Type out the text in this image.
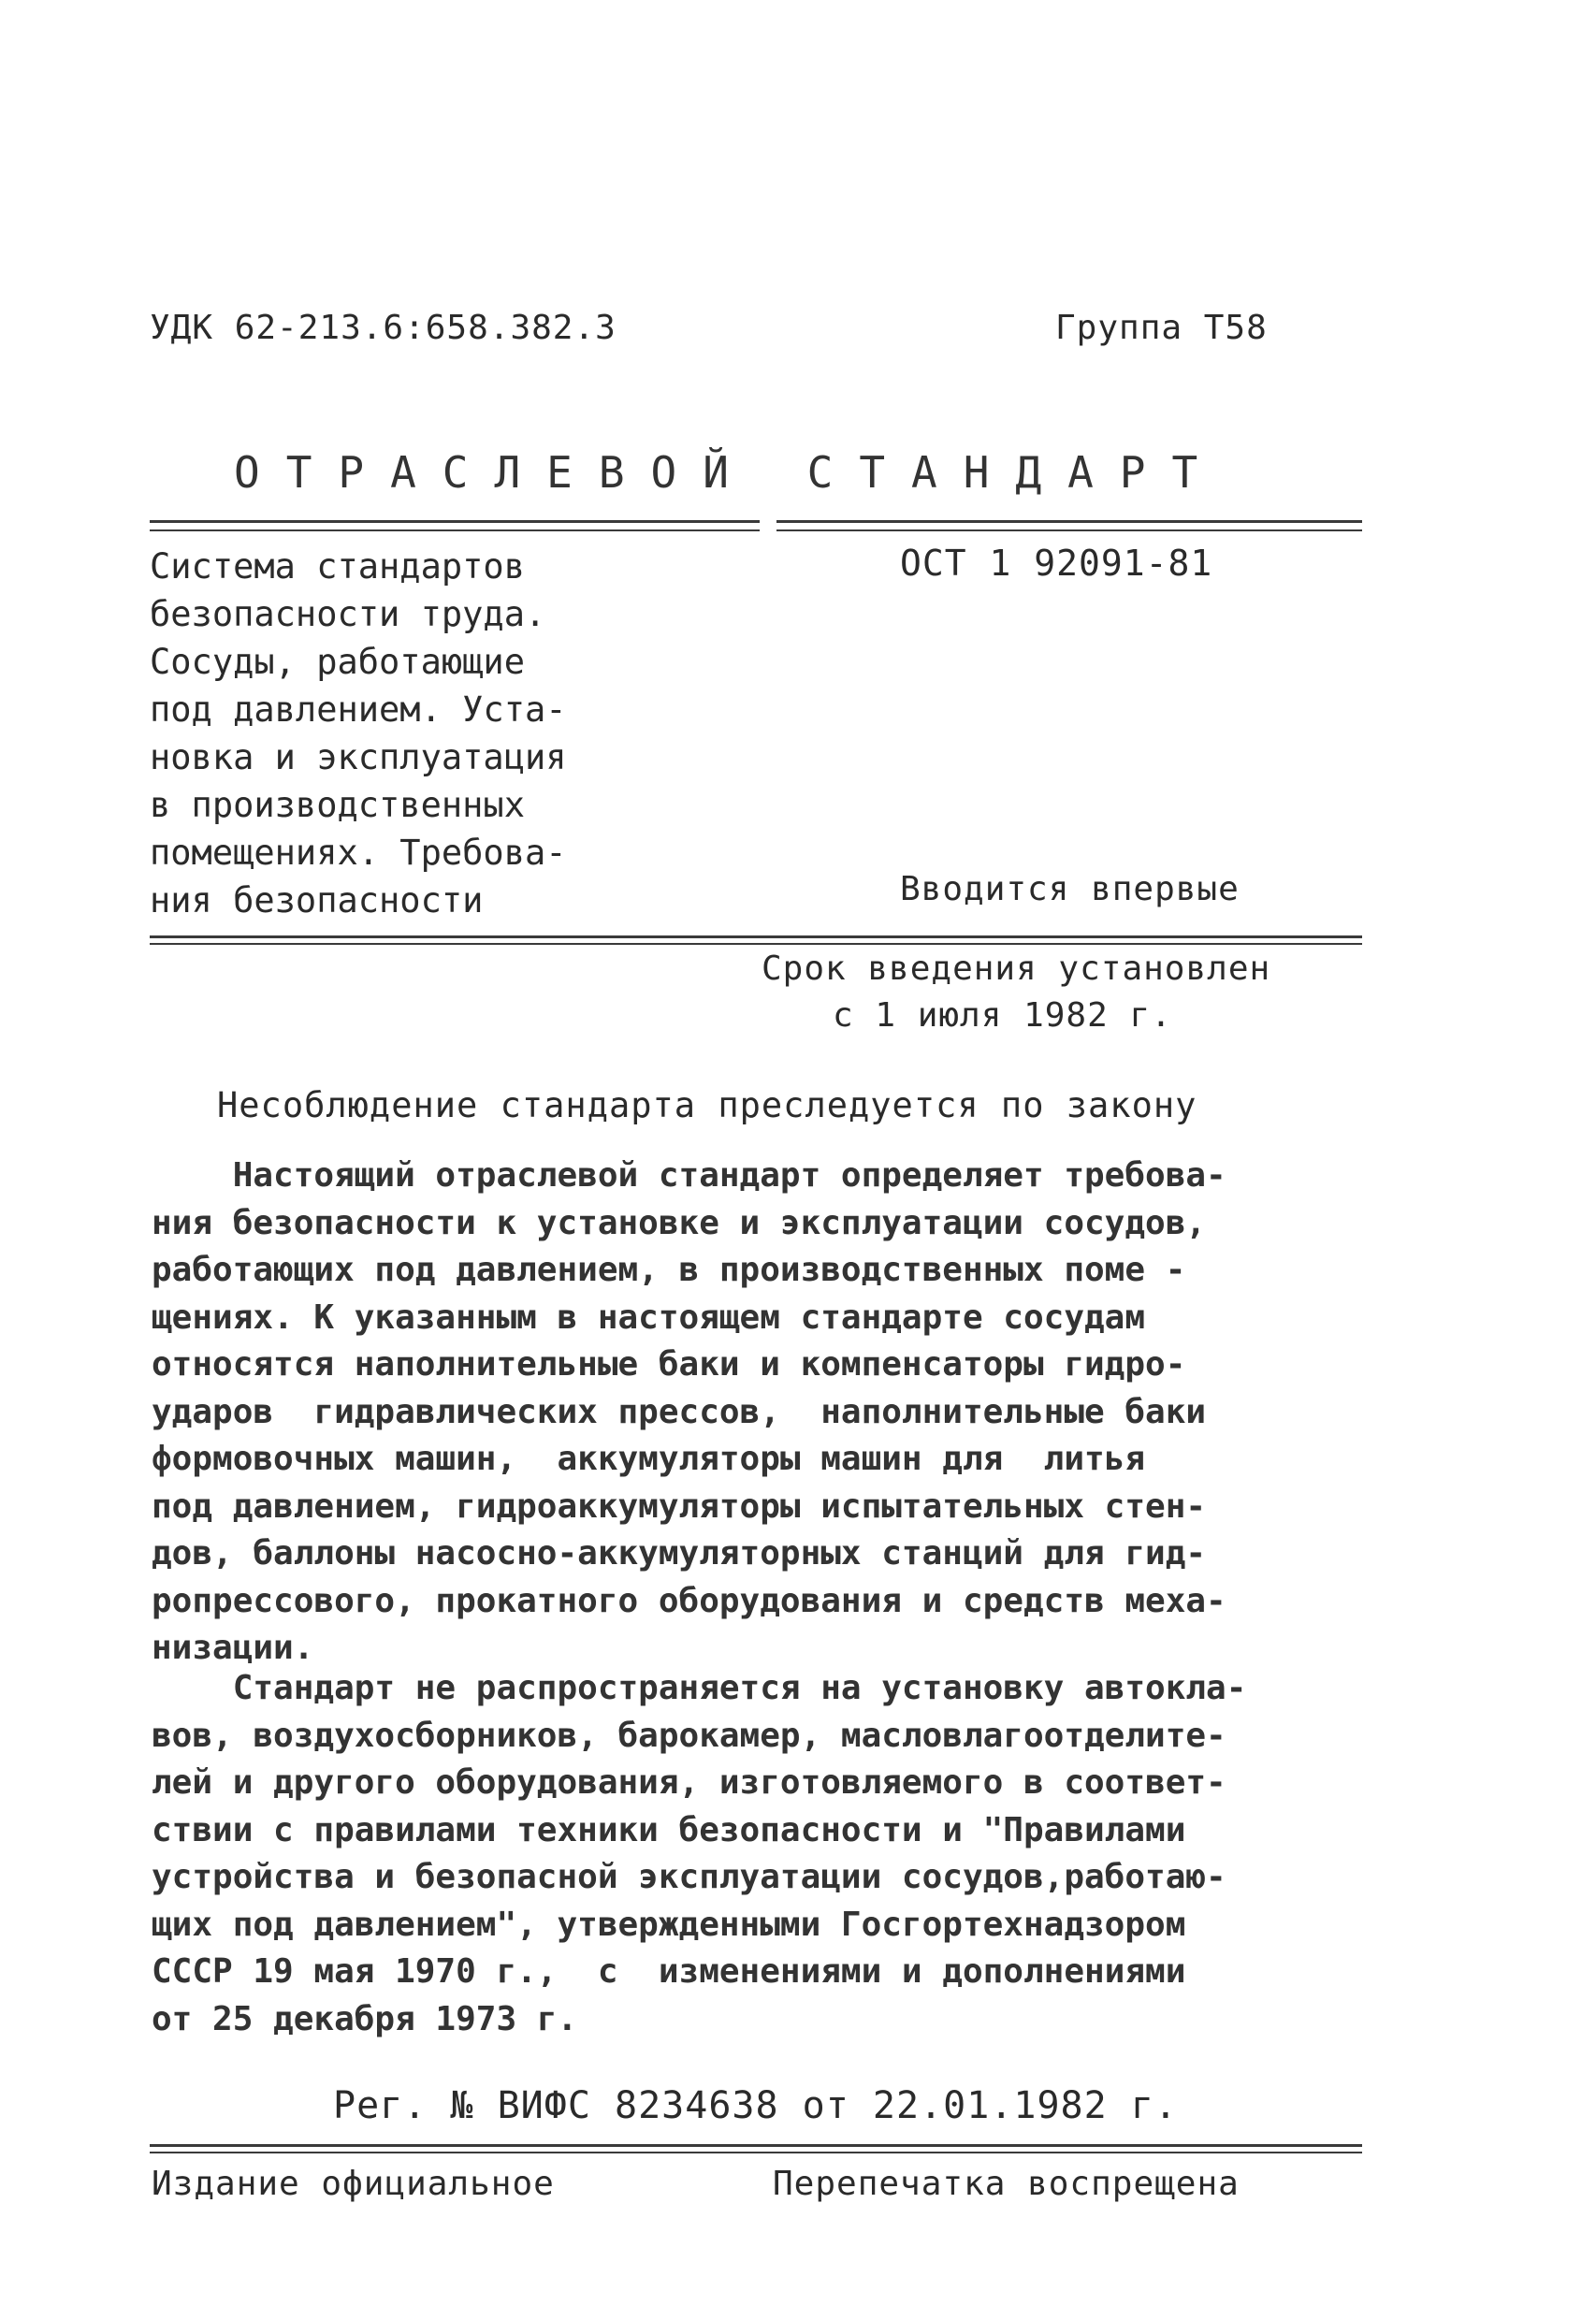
УДК 62-213.6:658.382.3	Группа Т58
ОТРАСЛЕВОЙ СТАНДАРТ
Система стандартов
безопасности труда.
Сосуды, работающие
под давлением. Уста-
новка и эксплуатация
в производственных
помещениях. Требова-
ния безопасности
ОСТ 1 92091-81
Вводится впервые
Срок введения установлен
с 1 июля 1982 г.
Несоблюдение стандарта преследуется по закону
Настоящий отраслевой стандарт определяет требова-
ния безопасности к установке и эксплуатации сосудов,
работающих под давлением, в производственных поме -
щениях. К указанным в настоящем стандарте сосудам
относятся наполнительные баки и компенсаторы гидро-
ударов  гидравлических прессов,  наполнительные баки
формовочных машин,  аккумуляторы машин для  литья
под давлением, гидроаккумуляторы испытательных стен-
дов, баллоны насосно-аккумуляторных станций для гид-
ропрессового, прокатного оборудования и средств меха-
низации.
Стандарт не распространяется на установку автокла-
вов, воздухосборников, барокамер, масловлагоотделите-
лей и другого оборудования, изготовляемого в соответ-
ствии с правилами техники безопасности и "Правилами
устройства и безопасной эксплуатации сосудов,работаю-
щих под давлением", утвержденными Госгортехнадзором
СССР 19 мая 1970 г.,  с  изменениями и дополнениями
от 25 декабря 1973 г.
Рег. № ВИФС 8234638 от 22.01.1982 г.
Издание официальное	Перепечатка воспрещена
